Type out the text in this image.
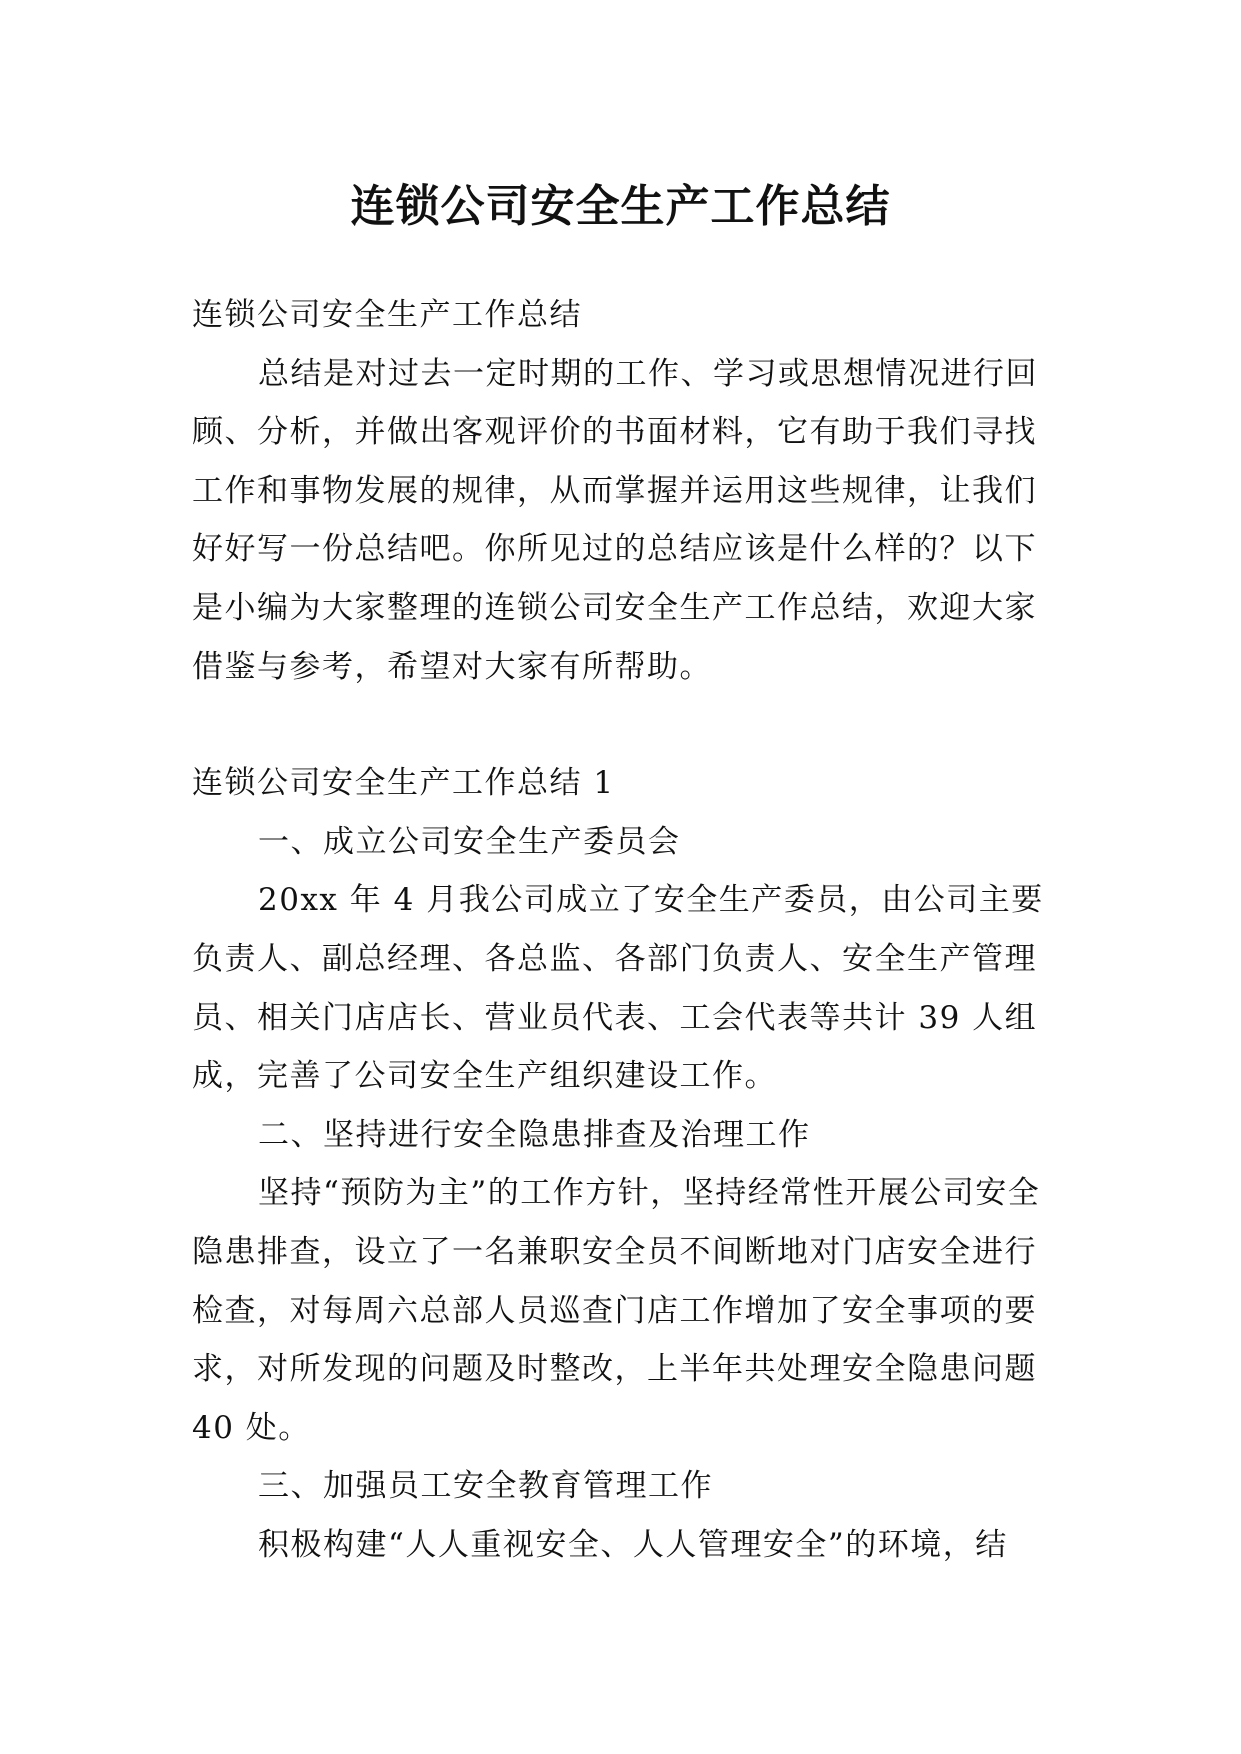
连锁公司安全生产工作总结

连锁公司安全生产工作总结

总结是对过去一定时期的工作、学习或思想情况进行回顾、分析，并做出客观评价的书面材料，它有助于我们寻找工作和事物发展的规律，从而掌握并运用这些规律，让我们好好写一份总结吧。你所见过的总结应该是什么样的？以下是小编为大家整理的连锁公司安全生产工作总结，欢迎大家借鉴与参考，希望对大家有所帮助。

连锁公司安全生产工作总结 1

一、成立公司安全生产委员会

20xx 年 4 月我公司成立了安全生产委员，由公司主要负责人、副总经理、各总监、各部门负责人、安全生产管理员、相关门店店长、营业员代表、工会代表等共计 39 人组成，完善了公司安全生产组织建设工作。

二、坚持进行安全隐患排查及治理工作

坚持“预防为主”的工作方针，坚持经常性开展公司安全隐患排查，设立了一名兼职安全员不间断地对门店安全进行检查，对每周六总部人员巡查门店工作增加了安全事项的要求，对所发现的问题及时整改，上半年共处理安全隐患问题 40 处。

三、加强员工安全教育管理工作

积极构建“人人重视安全、人人管理安全”的环境，结
